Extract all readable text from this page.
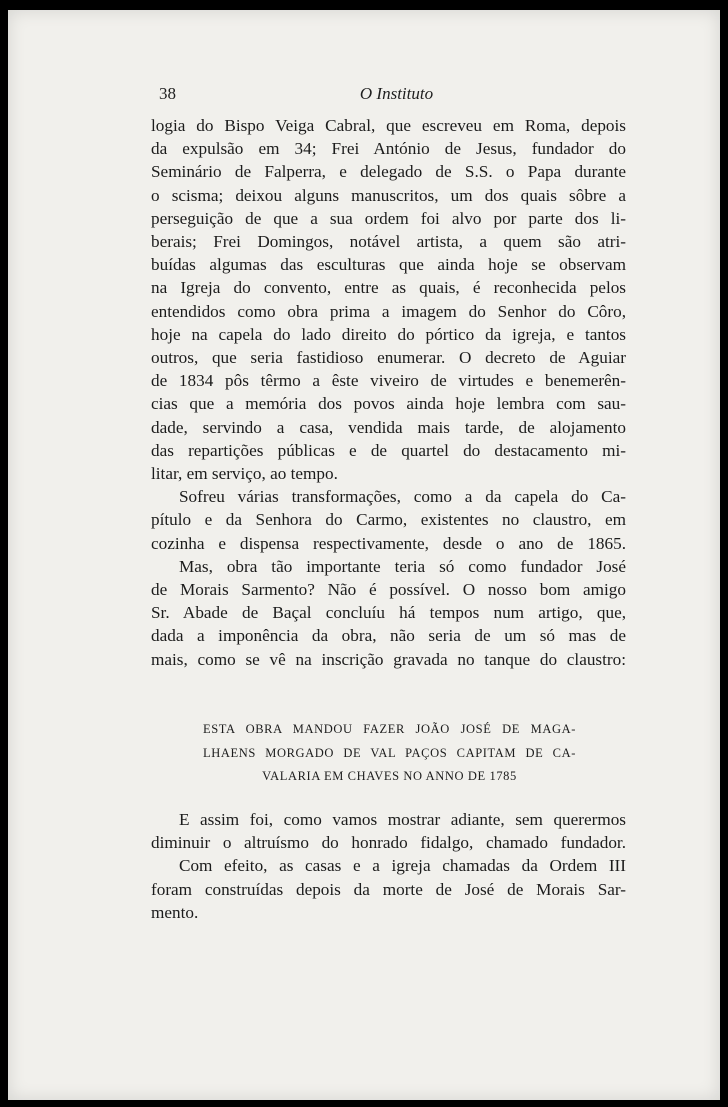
38	O Instituto
logia do Bispo Veiga Cabral, que escreveu em Roma, depois
da expulsão em 34; Frei António de Jesus, fundador do
Seminário de Falperra, e delegado de S.S. o Papa durante
o scisma; deixou alguns manuscritos, um dos quais sôbre a
perseguição de que a sua ordem foi alvo por parte dos li-
berais; Frei Domingos, notável artista, a quem são atri-
buídas algumas das esculturas que ainda hoje se observam
na Igreja do convento, entre as quais, é reconhecida pelos
entendidos como obra prima a imagem do Senhor do Côro,
hoje na capela do lado direito do pórtico da igreja, e tantos
outros, que seria fastidioso enumerar. O decreto de Aguiar
de 1834 pôs têrmo a êste viveiro de virtudes e benemerên-
cias que a memória dos povos ainda hoje lembra com sau-
dade, servindo a casa, vendida mais tarde, de alojamento
das repartições públicas e de quartel do destacamento mi-
litar, em serviço, ao tempo.
Sofreu várias transformações, como a da capela do Ca-
pítulo e da Senhora do Carmo, existentes no claustro, em
cozinha e dispensa respectivamente, desde o ano de 1865.
Mas, obra tão importante teria só como fundador José
de Morais Sarmento? Não é possível. O nosso bom amigo
Sr. Abade de Baçal concluíu há tempos num artigo, que,
dada a imponência da obra, não seria de um só mas de
mais, como se vê na inscrição gravada no tanque do claustro:
ESTA OBRA MANDOU FAZER JOÃO JOSÉ DE MAGA-
LHAENS MORGADO DE VAL PAÇOS CAPITAM DE CA-
VALARIA EM CHAVES NO ANNO DE 1785
E assim foi, como vamos mostrar adiante, sem querermos
diminuir o altruísmo do honrado fidalgo, chamado fundador.
Com efeito, as casas e a igreja chamadas da Ordem III
foram construídas depois da morte de José de Morais Sar-
mento.
